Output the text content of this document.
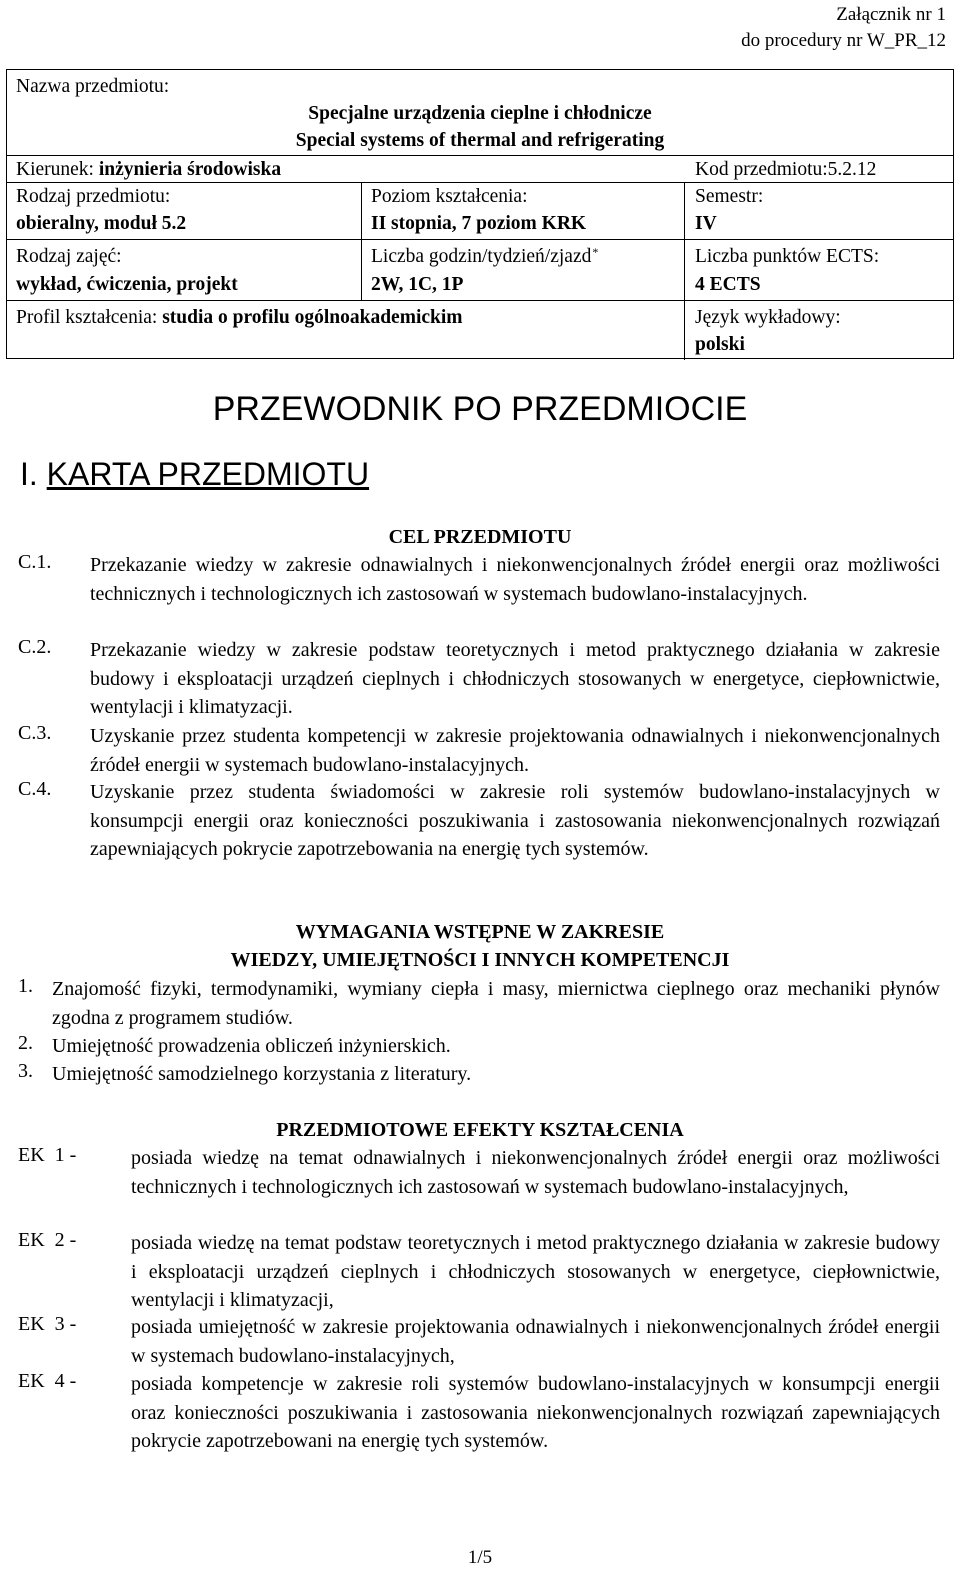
Załącznik nr 1
do procedury nr W_PR_12
Nazwa przedmiotu:
Specjalne urządzenia cieplne i chłodnicze
Special systems of thermal and refrigerating
Kierunek: inżynieria środowiska	Kod przedmiotu:5.2.12
Rodzaj przedmiotu:
obieralny, moduł 5.2
Poziom kształcenia:
II stopnia, 7 poziom KRK
Semestr:
IV
Rodzaj zajęć:
wykład, ćwiczenia, projekt
Liczba godzin/tydzień/zjazd*
2W, 1C, 1P
Liczba punktów ECTS:
4 ECTS
Profil kształcenia: studia o profilu ogólnoakademickim	Język wykładowy:
polski
PRZEWODNIK PO PRZEDMIOCIE
I. KARTA PRZEDMIOTU
CEL PRZEDMIOTU
C.1. Przekazanie wiedzy w zakresie odnawialnych i niekonwencjonalnych źródeł energii oraz możliwości technicznych i technologicznych ich zastosowań w systemach budowlano-instalacyjnych.
C.2. Przekazanie wiedzy w zakresie podstaw teoretycznych i metod praktycznego działania w zakresie budowy i eksploatacji urządzeń cieplnych i chłodniczych stosowanych w energetyce, ciepłownictwie, wentylacji i klimatyzacji.
C.3. Uzyskanie przez studenta kompetencji w zakresie projektowania odnawialnych i niekonwencjonalnych źródeł energii w systemach budowlano-instalacyjnych.
C.4. Uzyskanie przez studenta świadomości w zakresie roli systemów budowlano-instalacyjnych w konsumpcji energii oraz konieczności poszukiwania i zastosowania niekonwencjonalnych rozwiązań zapewniających pokrycie zapotrzebowania na energię tych systemów.
WYMAGANIA WSTĘPNE W ZAKRESIE
WIEDZY, UMIEJĘTNOŚCI I INNYCH KOMPETENCJI
1. Znajomość fizyki, termodynamiki, wymiany ciepła i masy, miernictwa cieplnego oraz mechaniki płynów zgodna z programem studiów.
2. Umiejętność prowadzenia obliczeń inżynierskich.
3. Umiejętność samodzielnego korzystania z literatury.
PRZEDMIOTOWE EFEKTY KSZTAŁCENIA
EK  1 -	posiada wiedzę na temat odnawialnych i niekonwencjonalnych źródeł energii oraz możliwości technicznych i technologicznych ich zastosowań w systemach budowlano-instalacyjnych,
EK  2 -	posiada wiedzę na temat podstaw teoretycznych i metod praktycznego działania w zakresie budowy i eksploatacji urządzeń cieplnych i chłodniczych stosowanych w energetyce, ciepłownictwie, wentylacji i klimatyzacji,
EK  3 -	posiada umiejętność w zakresie projektowania odnawialnych i niekonwencjonalnych źródeł energii w systemach budowlano-instalacyjnych,
EK  4 -	posiada kompetencje w zakresie roli systemów budowlano-instalacyjnych w konsumpcji energii oraz konieczności poszukiwania i zastosowania niekonwencjonalnych rozwiązań zapewniających pokrycie zapotrzebowani na energię tych systemów.
1/5
